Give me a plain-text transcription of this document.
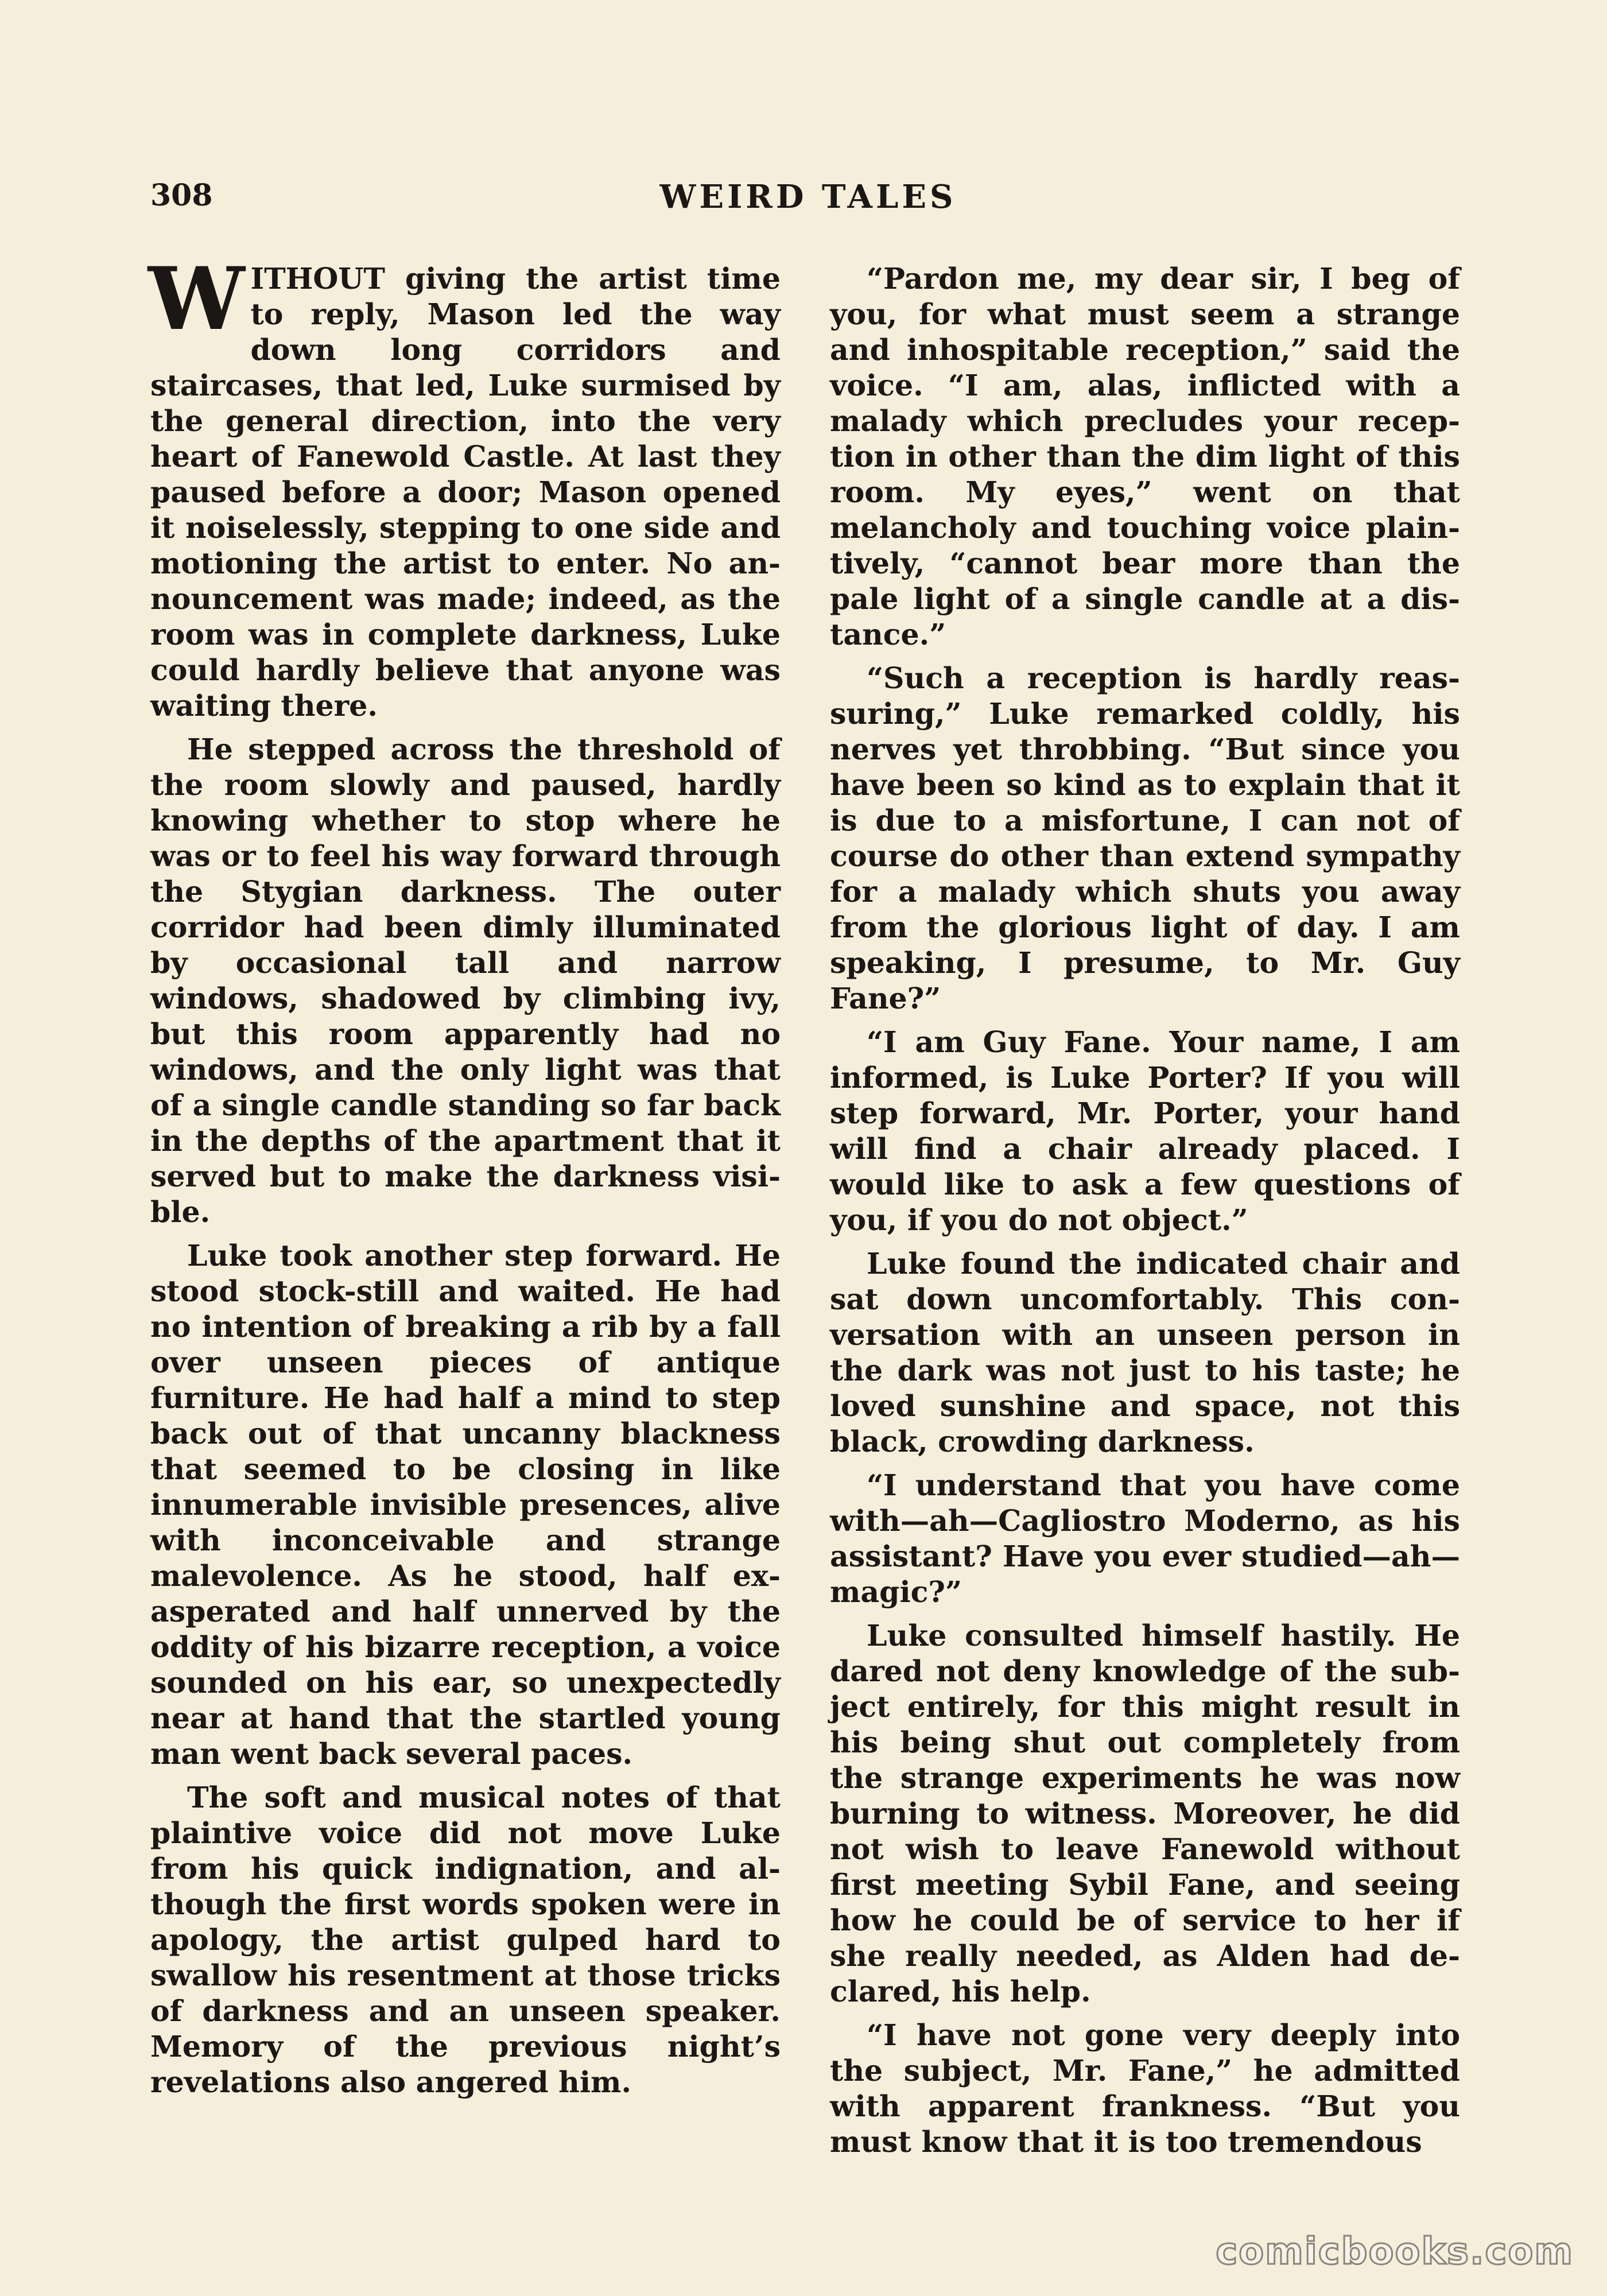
308	WEIRD TALES

WITHOUT giving the artist time to reply, Mason led the way down long corridors and staircases, that led, Luke surmised by the general direction, into the very heart of Fanewold Castle. At last they paused before a door; Mason opened it noiselessly, stepping to one side and motioning the artist to enter. No announcement was made; indeed, as the room was in complete darkness, Luke could hardly believe that anyone was waiting there.

He stepped across the threshold of the room slowly and paused, hardly knowing whether to stop where he was or to feel his way forward through the Stygian darkness. The outer corridor had been dimly illuminated by occasional tall and narrow windows, shadowed by climbing ivy, but this room apparently had no windows, and the only light was that of a single candle standing so far back in the depths of the apartment that it served but to make the darkness visible.

Luke took another step forward. He stood stock-still and waited. He had no intention of breaking a rib by a fall over unseen pieces of antique furniture. He had half a mind to step back out of that uncanny blackness that seemed to be closing in like innumerable invisible presences, alive with inconceivable and strange malevolence. As he stood, half exasperated and half unnerved by the oddity of his bizarre reception, a voice sounded on his ear, so unexpectedly near at hand that the startled young man went back several paces.

The soft and musical notes of that plaintive voice did not move Luke from his quick indignation, and although the first words spoken were in apology, the artist gulped hard to swallow his resentment at those tricks of darkness and an unseen speaker. Memory of the previous night’s revelations also angered him.

“Pardon me, my dear sir, I beg of you, for what must seem a strange and inhospitable reception,” said the voice. “I am, alas, inflicted with a malady which precludes your reception in other than the dim light of this room. My eyes,” went on that melancholy and touching voice plaintively, “cannot bear more than the pale light of a single candle at a distance.”

“Such a reception is hardly reassuring,” Luke remarked coldly, his nerves yet throbbing. “But since you have been so kind as to explain that it is due to a misfortune, I can not of course do other than extend sympathy for a malady which shuts you away from the glorious light of day. I am speaking, I presume, to Mr. Guy Fane?”

“I am Guy Fane. Your name, I am informed, is Luke Porter? If you will step forward, Mr. Porter, your hand will find a chair already placed. I would like to ask a few questions of you, if you do not object.”

Luke found the indicated chair and sat down uncomfortably. This conversation with an unseen person in the dark was not just to his taste; he loved sunshine and space, not this black, crowding darkness.

“I understand that you have come with—ah—Cagliostro Moderno, as his assistant? Have you ever studied—ah—magic?”

Luke consulted himself hastily. He dared not deny knowledge of the subject entirely, for this might result in his being shut out completely from the strange experiments he was now burning to witness. Moreover, he did not wish to leave Fanewold without first meeting Sybil Fane, and seeing how he could be of service to her if she really needed, as Alden had declared, his help.

“I have not gone very deeply into the subject, Mr. Fane,” he admitted with apparent frankness. “But you must know that it is too tremendous

comicbooks.com
